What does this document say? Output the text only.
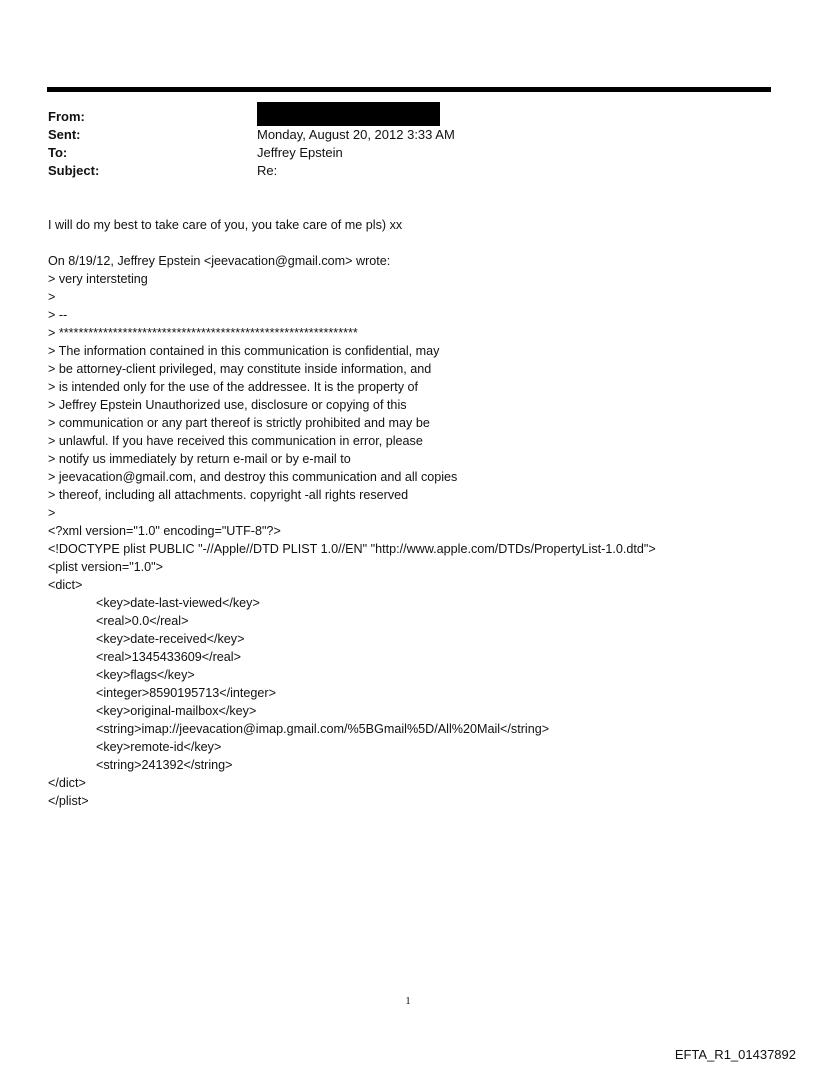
From:
Sent:	Monday, August 20, 2012 3:33 AM
To:	Jeffrey Epstein
Subject:	Re:
I will do my best to take care of you, you take care of me pls) xx
On 8/19/12, Jeffrey Epstein <jeevacation@gmail.com> wrote:
> very intersteting
>
> --
> *************************************************************
> The information contained in this communication is confidential, may
> be attorney-client privileged, may constitute inside information, and
> is intended only for the use of the addressee. It is the property of
> Jeffrey Epstein Unauthorized use, disclosure or copying of this
> communication or any part thereof is strictly prohibited and may be
> unlawful. If you have received this communication in error, please
> notify us immediately by return e-mail or by e-mail to
> jeevacation@gmail.com, and destroy this communication and all copies
> thereof, including all attachments. copyright -all rights reserved
>
<?xml version="1.0" encoding="UTF-8"?>
<!DOCTYPE plist PUBLIC "-//Apple//DTD PLIST 1.0//EN" "http://www.apple.com/DTDs/PropertyList-1.0.dtd">
<plist version="1.0">
<dict>
<key>date-last-viewed</key>
<real>0.0</real>
<key>date-received</key>
<real>1345433609</real>
<key>flags</key>
<integer>8590195713</integer>
<key>original-mailbox</key>
<string>imap://jeevacation@imap.gmail.com/%5BGmail%5D/All%20Mail</string>
<key>remote-id</key>
<string>241392</string>
</dict>
</plist>
1
EFTA_R1_01437892
